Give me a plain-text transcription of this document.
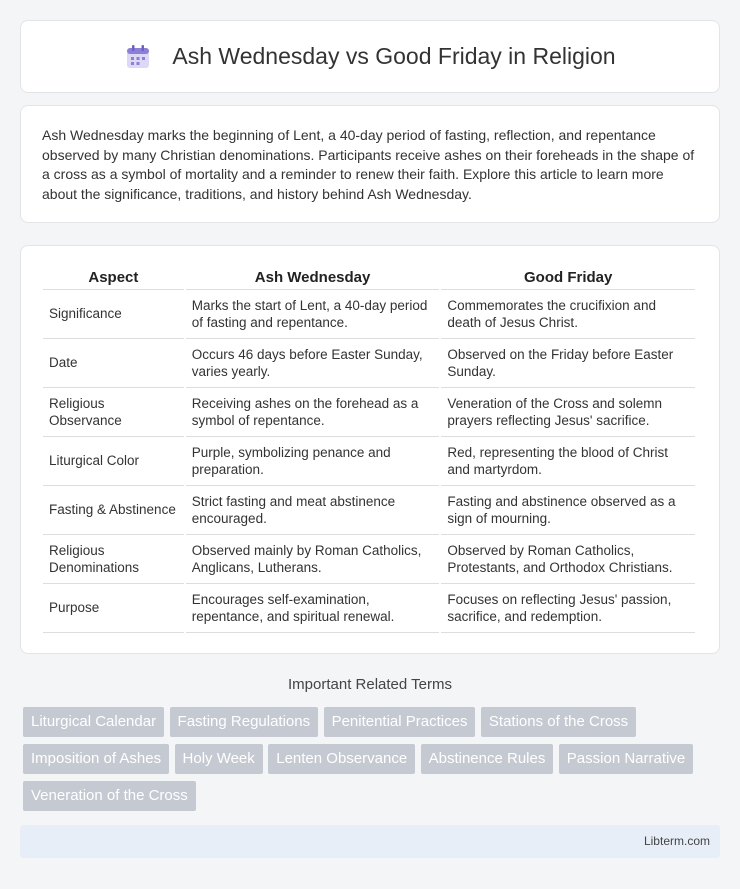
Ash Wednesday vs Good Friday in Religion

Ash Wednesday marks the beginning of Lent, a 40-day period of fasting, reflection, and repentance observed by many Christian denominations. Participants receive ashes on their foreheads in the shape of a cross as a symbol of mortality and a reminder to renew their faith. Explore this article to learn more about the significance, traditions, and history behind Ash Wednesday.

Aspect	Ash Wednesday	Good Friday
Significance	Marks the start of Lent, a 40-day period of fasting and repentance.	Commemorates the crucifixion and death of Jesus Christ.
Date	Occurs 46 days before Easter Sunday, varies yearly.	Observed on the Friday before Easter Sunday.
Religious Observance	Receiving ashes on the forehead as a symbol of repentance.	Veneration of the Cross and solemn prayers reflecting Jesus' sacrifice.
Liturgical Color	Purple, symbolizing penance and preparation.	Red, representing the blood of Christ and martyrdom.
Fasting & Abstinence	Strict fasting and meat abstinence encouraged.	Fasting and abstinence observed as a sign of mourning.
Religious Denominations	Observed mainly by Roman Catholics, Anglicans, Lutherans.	Observed by Roman Catholics, Protestants, and Orthodox Christians.
Purpose	Encourages self-examination, repentance, and spiritual renewal.	Focuses on reflecting Jesus' passion, sacrifice, and redemption.
Important Related Terms
Liturgical Calendar Fasting Regulations Penitential Practices Stations of the Cross Imposition of Ashes Holy Week Lenten Observance Abstinence Rules Passion Narrative Veneration of the Cross
Libterm.com
